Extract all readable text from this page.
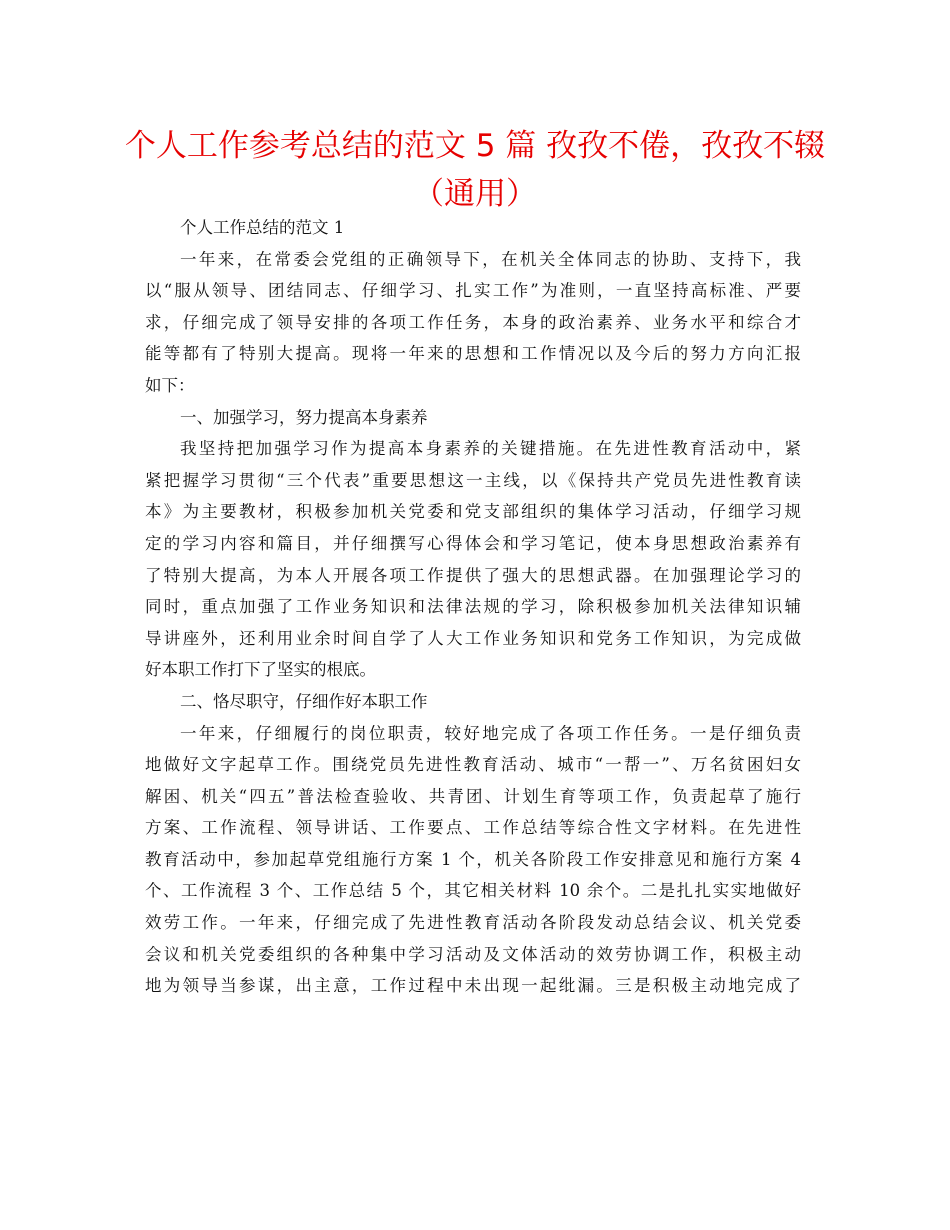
个人工作参考总结的范文 5 篇 孜孜不倦，孜孜不辍（通用）

个人工作总结的范文 1

一年来，在常委会党组的正确领导下，在机关全体同志的协助、支持下，我
以“服从领导、团结同志、仔细学习、扎实工作”为准则，一直坚持高标准、严要
求，仔细完成了领导安排的各项工作任务，本身的政治素养、业务水平和综合才
能等都有了特别大提高。现将一年来的思想和工作情况以及今后的努力方向汇报
如下：

一、加强学习，努力提高本身素养

我坚持把加强学习作为提高本身素养的关键措施。在先进性教育活动中，紧
紧把握学习贯彻“三个代表”重要思想这一主线，以《保持共产党员先进性教育读
本》为主要教材，积极参加机关党委和党支部组织的集体学习活动，仔细学习规
定的学习内容和篇目，并仔细撰写心得体会和学习笔记，使本身思想政治素养有
了特别大提高，为本人开展各项工作提供了强大的思想武器。在加强理论学习的
同时，重点加强了工作业务知识和法律法规的学习，除积极参加机关法律知识辅
导讲座外，还利用业余时间自学了人大工作业务知识和党务工作知识，为完成做
好本职工作打下了坚实的根底。

二、恪尽职守，仔细作好本职工作

一年来，仔细履行的岗位职责，较好地完成了各项工作任务。一是仔细负责
地做好文字起草工作。围绕党员先进性教育活动、城市“一帮一”、万名贫困妇女
解困、机关“四五”普法检查验收、共青团、计划生育等项工作，负责起草了施行
方案、工作流程、领导讲话、工作要点、工作总结等综合性文字材料。在先进性
教育活动中，参加起草党组施行方案 1 个，机关各阶段工作安排意见和施行方案 4
个、工作流程 3 个、工作总结 5 个，其它相关材料 10 余个。二是扎扎实实地做好
效劳工作。一年来，仔细完成了先进性教育活动各阶段发动总结会议、机关党委
会议和机关党委组织的各种集中学习活动及文体活动的效劳协调工作，积极主动
地为领导当参谋，出主意，工作过程中未出现一起纰漏。三是积极主动地完成了
